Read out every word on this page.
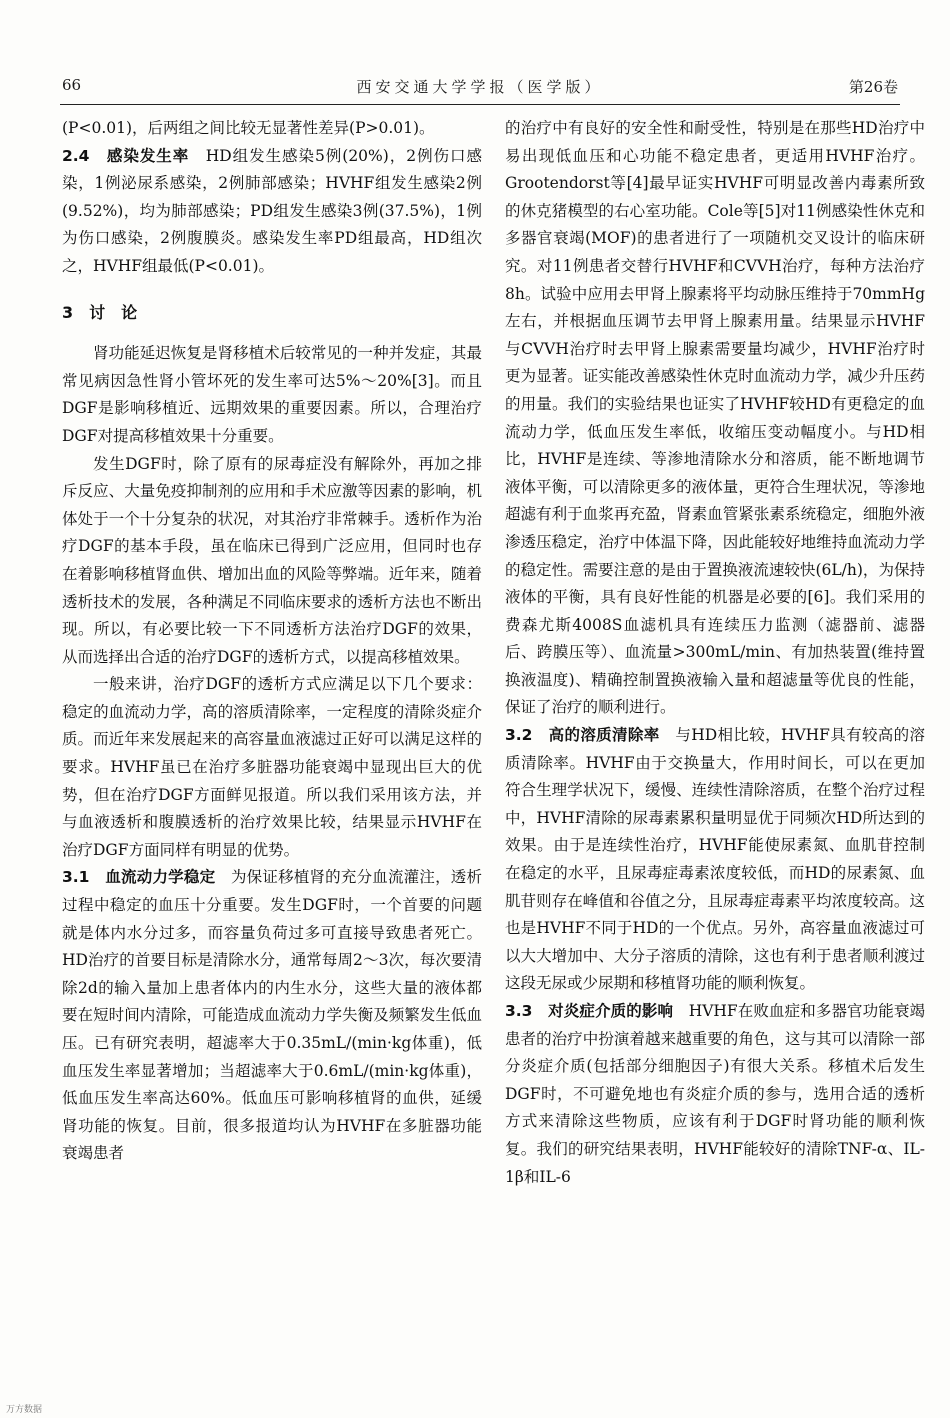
66	西安交通大学学报（医学版）	第26卷

(P<0.01)，后两组之间比较无显著性差异(P>0.01)。

2.4　感染发生率　HD组发生感染5例(20%)，2例伤口感染，1例泌尿系感染，2例肺部感染；HVHF组发生感染2例(9.52%)，均为肺部感染；PD组发生感染3例(37.5%)，1例为伤口感染，2例腹膜炎。感染发生率PD组最高，HD组次之，HVHF组最低(P<0.01)。

3　讨　论

肾功能延迟恢复是肾移植术后较常见的一种并发症，其最常见病因急性肾小管坏死的发生率可达5%～20%[3]。而且DGF是影响移植近、远期效果的重要因素。所以，合理治疗DGF对提高移植效果十分重要。

发生DGF时，除了原有的尿毒症没有解除外，再加之排斥反应、大量免疫抑制剂的应用和手术应激等因素的影响，机体处于一个十分复杂的状况，对其治疗非常棘手。透析作为治疗DGF的基本手段，虽在临床已得到广泛应用，但同时也存在着影响移植肾血供、增加出血的风险等弊端。近年来，随着透析技术的发展，各种满足不同临床要求的透析方法也不断出现。所以，有必要比较一下不同透析方法治疗DGF的效果，从而选择出合适的治疗DGF的透析方式，以提高移植效果。

一般来讲，治疗DGF的透析方式应满足以下几个要求：稳定的血流动力学，高的溶质清除率，一定程度的清除炎症介质。而近年来发展起来的高容量血液滤过正好可以满足这样的要求。HVHF虽已在治疗多脏器功能衰竭中显现出巨大的优势，但在治疗DGF方面鲜见报道。所以我们采用该方法，并与血液透析和腹膜透析的治疗效果比较，结果显示HVHF在治疗DGF方面同样有明显的优势。

3.1　血流动力学稳定　为保证移植肾的充分血流灌注，透析过程中稳定的血压十分重要。发生DGF时，一个首要的问题就是体内水分过多，而容量负荷过多可直接导致患者死亡。HD治疗的首要目标是清除水分，通常每周2～3次，每次要清除2d的输入量加上患者体内的内生水分，这些大量的液体都要在短时间内清除，可能造成血流动力学失衡及频繁发生低血压。已有研究表明，超滤率大于0.35mL/(min·kg体重)，低血压发生率显著增加；当超滤率大于0.6mL/(min·kg体重)，低血压发生率高达60%。低血压可影响移植肾的血供，延缓肾功能的恢复。目前，很多报道均认为HVHF在多脏器功能衰竭患者

的治疗中有良好的安全性和耐受性，特别是在那些HD治疗中易出现低血压和心功能不稳定患者，更适用HVHF治疗。Grootendorst等[4]最早证实HVHF可明显改善内毒素所致的休克猪模型的右心室功能。Cole等[5]对11例感染性休克和多器官衰竭(MOF)的患者进行了一项随机交叉设计的临床研究。对11例患者交替行HVHF和CVVH治疗，每种方法治疗8h。试验中应用去甲肾上腺素将平均动脉压维持于70mmHg左右，并根据血压调节去甲肾上腺素用量。结果显示HVHF与CVVH治疗时去甲肾上腺素需要量均减少，HVHF治疗时更为显著。证实能改善感染性休克时血流动力学，减少升压药的用量。我们的实验结果也证实了HVHF较HD有更稳定的血流动力学，低血压发生率低，收缩压变动幅度小。与HD相比，HVHF是连续、等渗地清除水分和溶质，能不断地调节液体平衡，可以清除更多的液体量，更符合生理状况，等渗地超滤有利于血浆再充盈，肾素血管紧张素系统稳定，细胞外液渗透压稳定，治疗中体温下降，因此能较好地维持血流动力学的稳定性。需要注意的是由于置换液流速较快(6L/h)，为保持液体的平衡，具有良好性能的机器是必要的[6]。我们采用的费森尤斯4008S血滤机具有连续压力监测（滤器前、滤器后、跨膜压等）、血流量>300mL/min、有加热装置(维持置换液温度)、精确控制置换液输入量和超滤量等优良的性能，保证了治疗的顺利进行。

3.2　高的溶质清除率　与HD相比较，HVHF具有较高的溶质清除率。HVHF由于交换量大，作用时间长，可以在更加符合生理学状况下，缓慢、连续性清除溶质，在整个治疗过程中，HVHF清除的尿毒素累积量明显优于同频次HD所达到的效果。由于是连续性治疗，HVHF能使尿素氮、血肌苷控制在稳定的水平，且尿毒症毒素浓度较低，而HD的尿素氮、血肌苷则存在峰值和谷值之分，且尿毒症毒素平均浓度较高。这也是HVHF不同于HD的一个优点。另外，高容量血液滤过可以大大增加中、大分子溶质的清除，这也有利于患者顺利渡过这段无尿或少尿期和移植肾功能的顺利恢复。

3.3　对炎症介质的影响　HVHF在败血症和多器官功能衰竭患者的治疗中扮演着越来越重要的角色，这与其可以清除一部分炎症介质(包括部分细胞因子)有很大关系。移植术后发生DGF时，不可避免地也有炎症介质的参与，选用合适的透析方式来清除这些物质，应该有利于DGF时肾功能的顺利恢复。我们的研究结果表明，HVHF能较好的清除TNF-α、IL-1β和IL-6

万方数据
